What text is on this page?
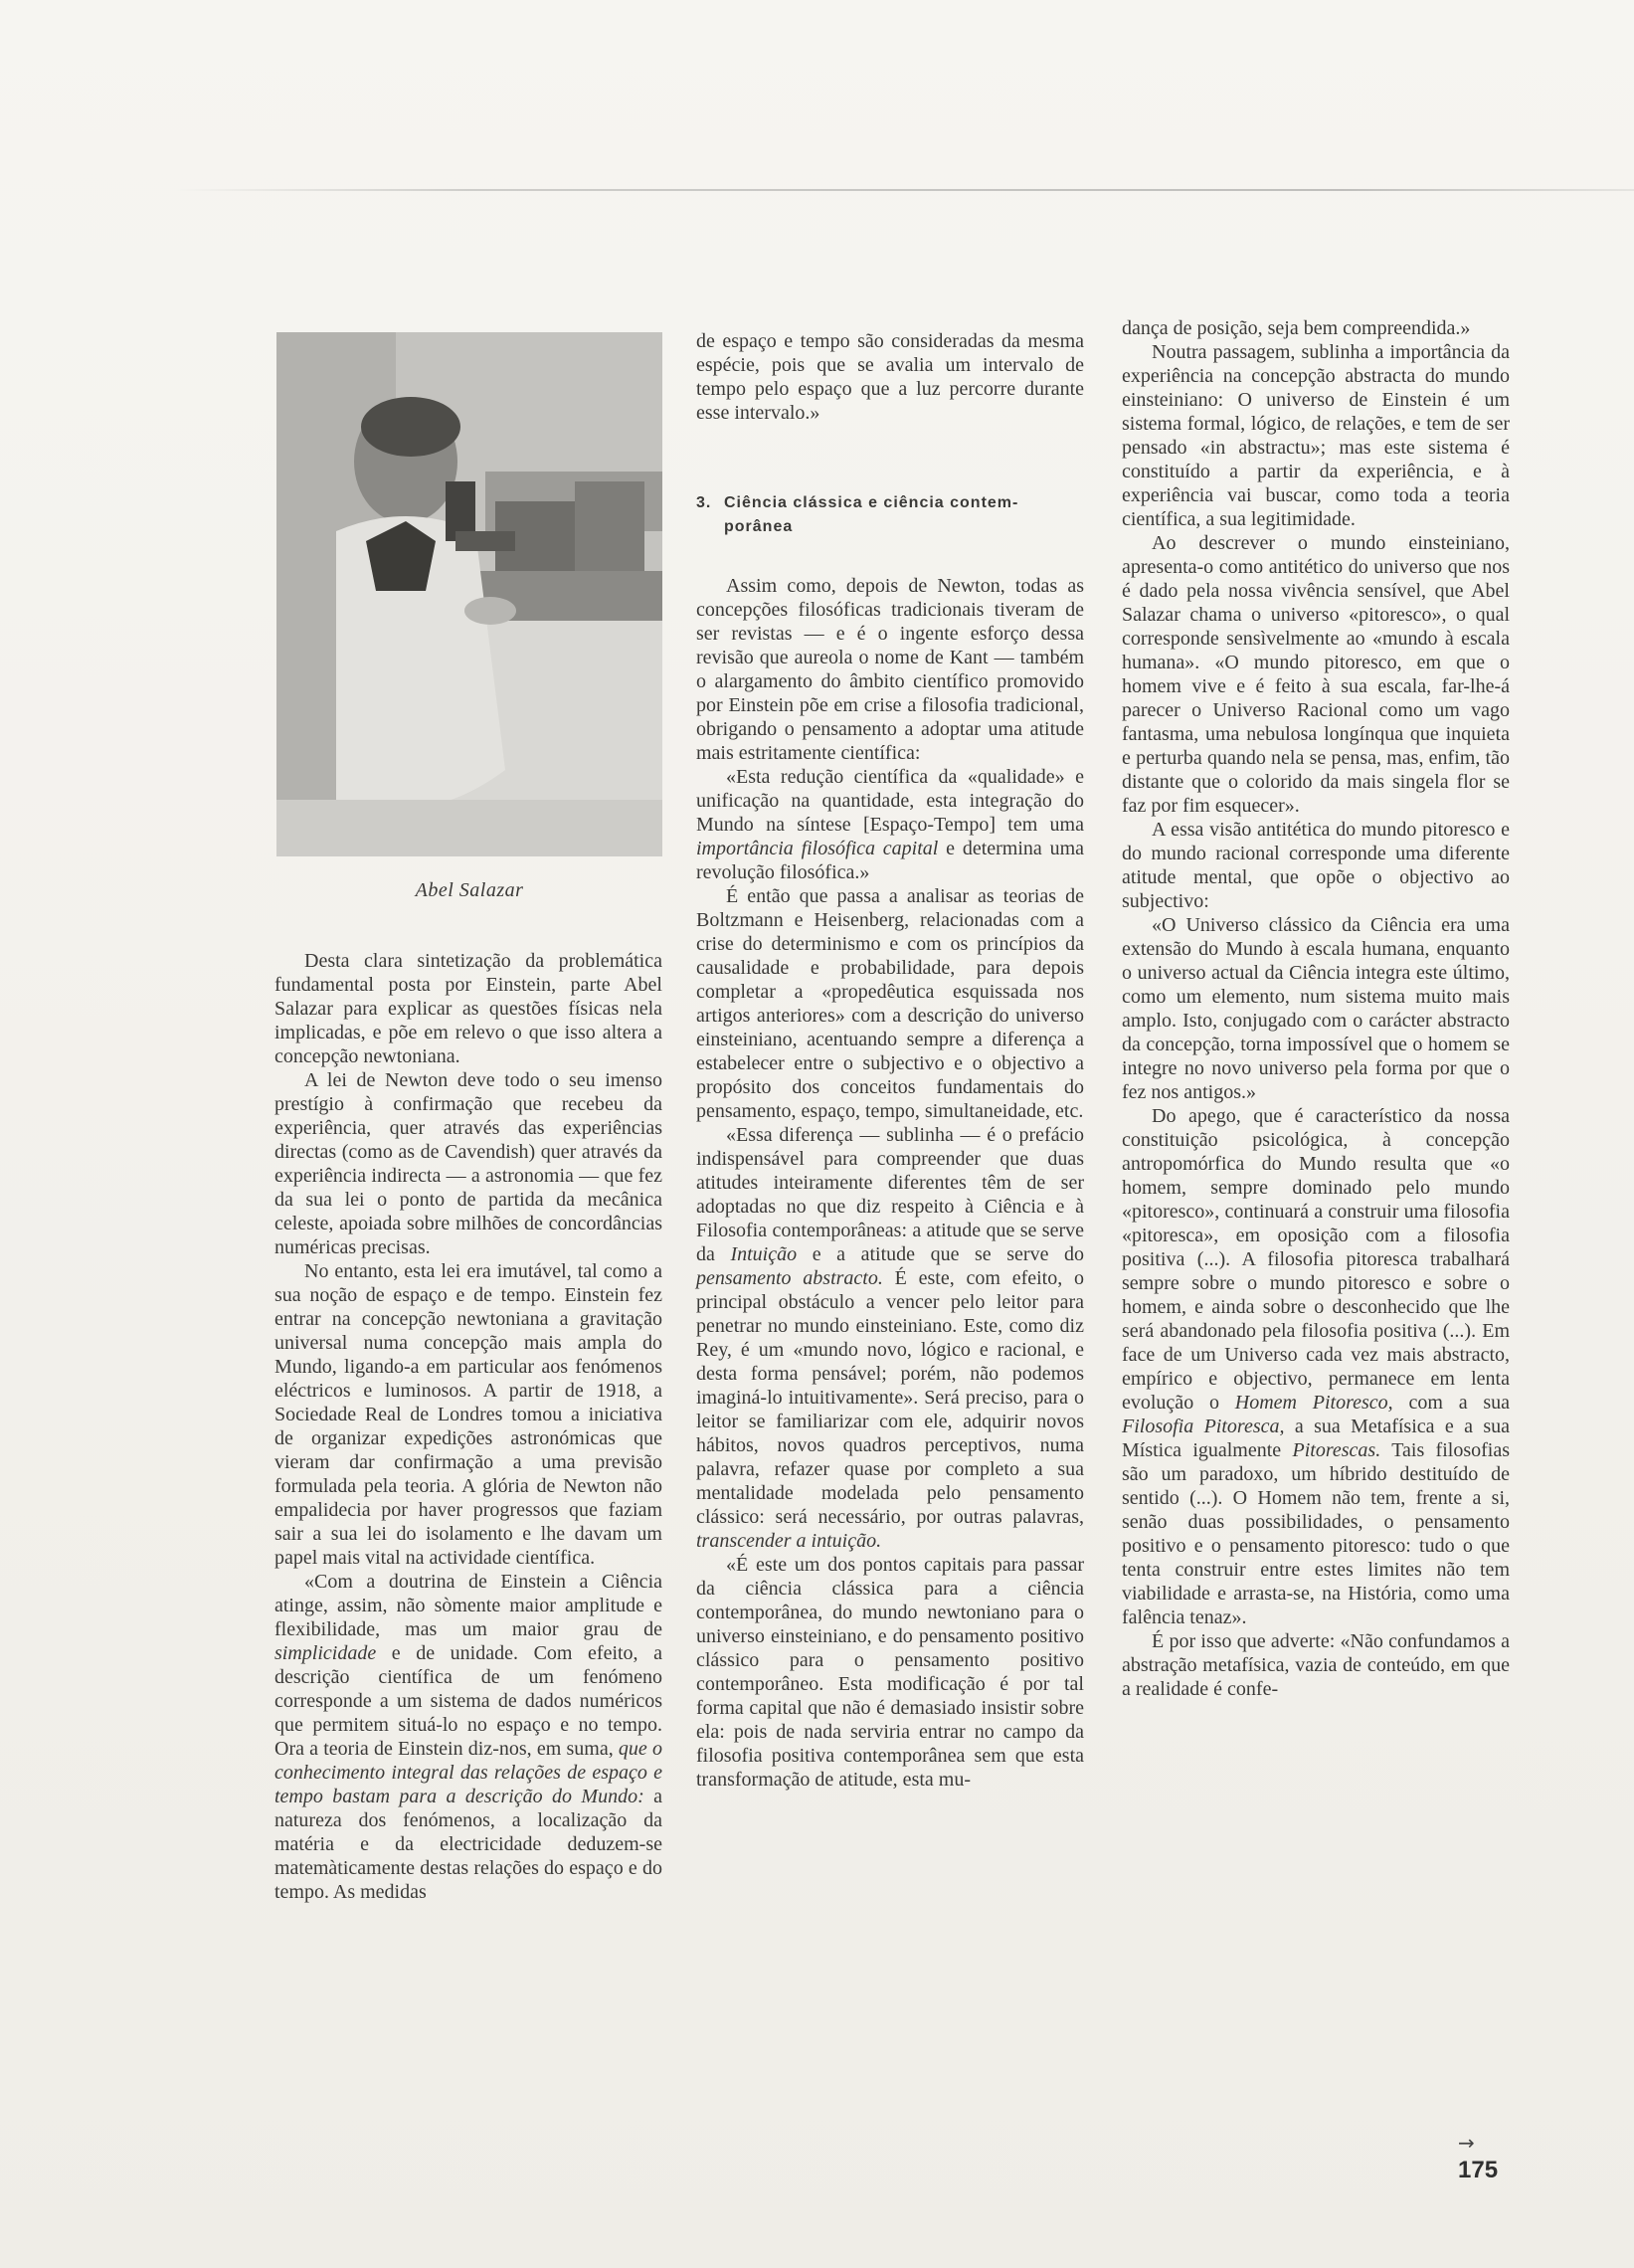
Abel Salazar

Desta clara sintetização da problemática fundamental posta por Einstein, parte Abel Salazar para explicar as questões físicas nela implicadas, e põe em relevo o que isso altera a concepção newtoniana.

A lei de Newton deve todo o seu imenso prestígio à confirmação que recebeu da experiência, quer através das experiências directas (como as de Cavendish) quer através da experiência indirecta — a astronomia — que fez da sua lei o ponto de partida da mecânica celeste, apoiada sobre milhões de concordâncias numéricas precisas.

No entanto, esta lei era imutável, tal como a sua noção de espaço e de tempo. Einstein fez entrar na concepção newtoniana a gravitação universal numa concepção mais ampla do Mundo, ligando-a em particular aos fenómenos eléctricos e luminosos. A partir de 1918, a Sociedade Real de Londres tomou a iniciativa de organizar expedições astronómicas que vieram dar confirmação a uma previsão formulada pela teoria. A glória de Newton não empalidecia por haver progressos que faziam sair a sua lei do isolamento e lhe davam um papel mais vital na actividade científica.

«Com a doutrina de Einstein a Ciência atinge, assim, não sòmente maior amplitude e flexibilidade, mas um maior grau de simplicidade e de unidade. Com efeito, a descrição científica de um fenómeno corresponde a um sistema de dados numéricos que permitem situá-lo no espaço e no tempo. Ora a teoria de Einstein diz-nos, em suma, que o conhecimento integral das relações de espaço e tempo bastam para a descrição do Mundo: a natureza dos fenómenos, a localização da matéria e da electricidade deduzem-se matemàticamente destas relações do espaço e do tempo. As medidas

de espaço e tempo são consideradas da mesma espécie, pois que se avalia um intervalo de tempo pelo espaço que a luz percorre durante esse intervalo.»

3. Ciência clássica e ciência contem-
porânea

Assim como, depois de Newton, todas as concepções filosóficas tradicionais tiveram de ser revistas — e é o ingente esforço dessa revisão que aureola o nome de Kant — também o alargamento do âmbito científico promovido por Einstein põe em crise a filosofia tradicional, obrigando o pensamento a adoptar uma atitude mais estritamente científica:

«Esta redução científica da «qualidade» e unificação na quantidade, esta integração do Mundo na síntese [Espaço-Tempo] tem uma importância filosófica capital e determina uma revolução filosófica.»

É então que passa a analisar as teorias de Boltzmann e Heisenberg, relacionadas com a crise do determinismo e com os princípios da causalidade e probabilidade, para depois completar a «propedêutica esquissada nos artigos anteriores» com a descrição do universo einsteiniano, acentuando sempre a diferença a estabelecer entre o subjectivo e o objectivo a propósito dos conceitos fundamentais do pensamento, espaço, tempo, simultaneidade, etc.

«Essa diferença — sublinha — é o prefácio indispensável para compreender que duas atitudes inteiramente diferentes têm de ser adoptadas no que diz respeito à Ciência e à Filosofia contemporâneas: a atitude que se serve da Intuição e a atitude que se serve do pensamento abstracto. É este, com efeito, o principal obstáculo a vencer pelo leitor para penetrar no mundo einsteiniano. Este, como diz Rey, é um «mundo novo, lógico e racional, e desta forma pensável; porém, não podemos imaginá-lo intuitivamente». Será preciso, para o leitor se familiarizar com ele, adquirir novos hábitos, novos quadros perceptivos, numa palavra, refazer quase por completo a sua mentalidade modelada pelo pensamento clássico: será necessário, por outras palavras, transcender a intuição.

«É este um dos pontos capitais para passar da ciência clássica para a ciência contemporânea, do mundo newtoniano para o universo einsteiniano, e do pensamento positivo clássico para o pensamento positivo contemporâneo. Esta modificação é por tal forma capital que não é demasiado insistir sobre ela: pois de nada serviria entrar no campo da filosofia positiva contemporânea sem que esta transformação de atitude, esta mu-

dança de posição, seja bem compreendida.»

Noutra passagem, sublinha a importância da experiência na concepção abstracta do mundo einsteiniano: O universo de Einstein é um sistema formal, lógico, de relações, e tem de ser pensado «in abstractu»; mas este sistema é constituído a partir da experiência, e à experiência vai buscar, como toda a teoria científica, a sua legitimidade.

Ao descrever o mundo einsteiniano, apresenta-o como antitético do universo que nos é dado pela nossa vivência sensível, que Abel Salazar chama o universo «pitoresco», o qual corresponde sensìvelmente ao «mundo à escala humana». «O mundo pitoresco, em que o homem vive e é feito à sua escala, far-lhe-á parecer o Universo Racional como um vago fantasma, uma nebulosa longínqua que inquieta e perturba quando nela se pensa, mas, enfim, tão distante que o colorido da mais singela flor se faz por fim esquecer».

A essa visão antitética do mundo pitoresco e do mundo racional corresponde uma diferente atitude mental, que opõe o objectivo ao subjectivo:

«O Universo clássico da Ciência era uma extensão do Mundo à escala humana, enquanto o universo actual da Ciência integra este último, como um elemento, num sistema muito mais amplo. Isto, conjugado com o carácter abstracto da concepção, torna impossível que o homem se integre no novo universo pela forma por que o fez nos antigos.»

Do apego, que é característico da nossa constituição psicológica, à concepção antropomórfica do Mundo resulta que «o homem, sempre dominado pelo mundo «pitoresco», continuará a construir uma filosofia «pitoresca», em oposição com a filosofia positiva (...). A filosofia pitoresca trabalhará sempre sobre o mundo pitoresco e sobre o homem, e ainda sobre o desconhecido que lhe será abandonado pela filosofia positiva (...). Em face de um Universo cada vez mais abstracto, empírico e objectivo, permanece em lenta evolução o Homem Pitoresco, com a sua Filosofia Pitoresca, a sua Metafísica e a sua Mística igualmente Pitorescas. Tais filosofias são um paradoxo, um híbrido destituído de sentido (...). O Homem não tem, frente a si, senão duas possibilidades, o pensamento positivo e o pensamento pitoresco: tudo o que tenta construir entre estes limites não tem viabilidade e arrasta-se, na História, como uma falência tenaz».

É por isso que adverte: «Não confundamos a abstração metafísica, vazia de conteúdo, em que a realidade é confe-

→
175
